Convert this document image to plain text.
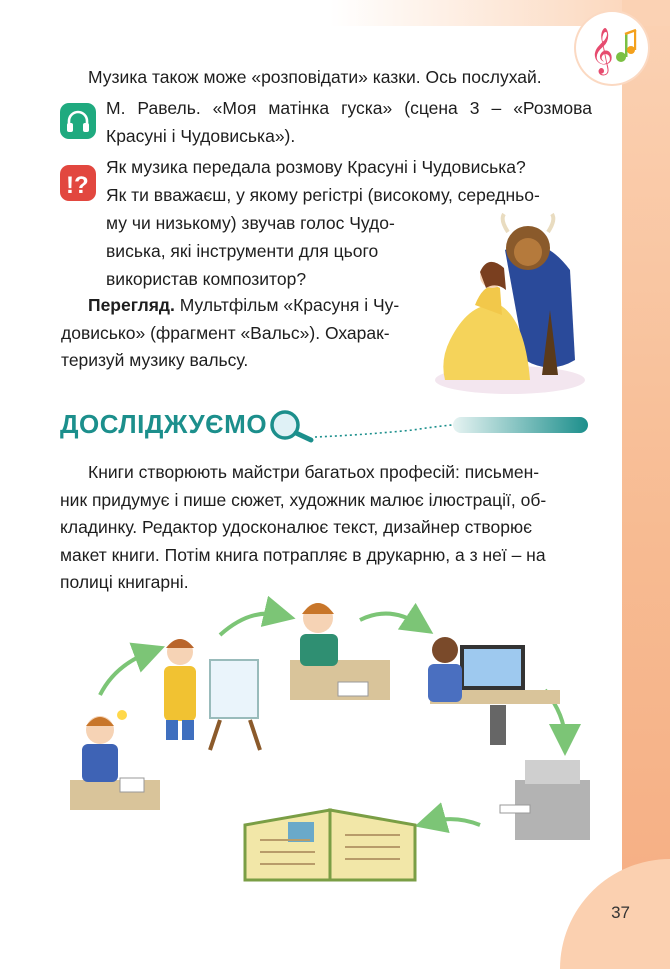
𝄞

Музика також може «розповідати» казки. Ось послухай.

М. Равель. «Моя матінка гуска» (сцена 3 – «Розмова Красуні і Чудовиська»).

!?

Як музика передала розмову Красуні і Чудовиська?

Як ти вважаєш, у якому регістрі (високому, середньо-

му чи низькому) звучав голос Чудо-

виська, які інструменти для цього

використав композитор?

Перегляд. Мультфільм «Красуня і Чу-

довисько» (фрагмент «Вальс»). Охарак-

теризуй музику вальсу.

ДОСЛІДЖУЄМО

Книги створюють майстри багатьох професій: письмен-

ник придумує і пише сюжет, художник малює ілюстрації, об-

кладинку. Редактор удосконалює текст, дизайнер створює

макет книги. Потім книга потрапляє в друкарню, а з неї – на

полиці книгарні.

37
